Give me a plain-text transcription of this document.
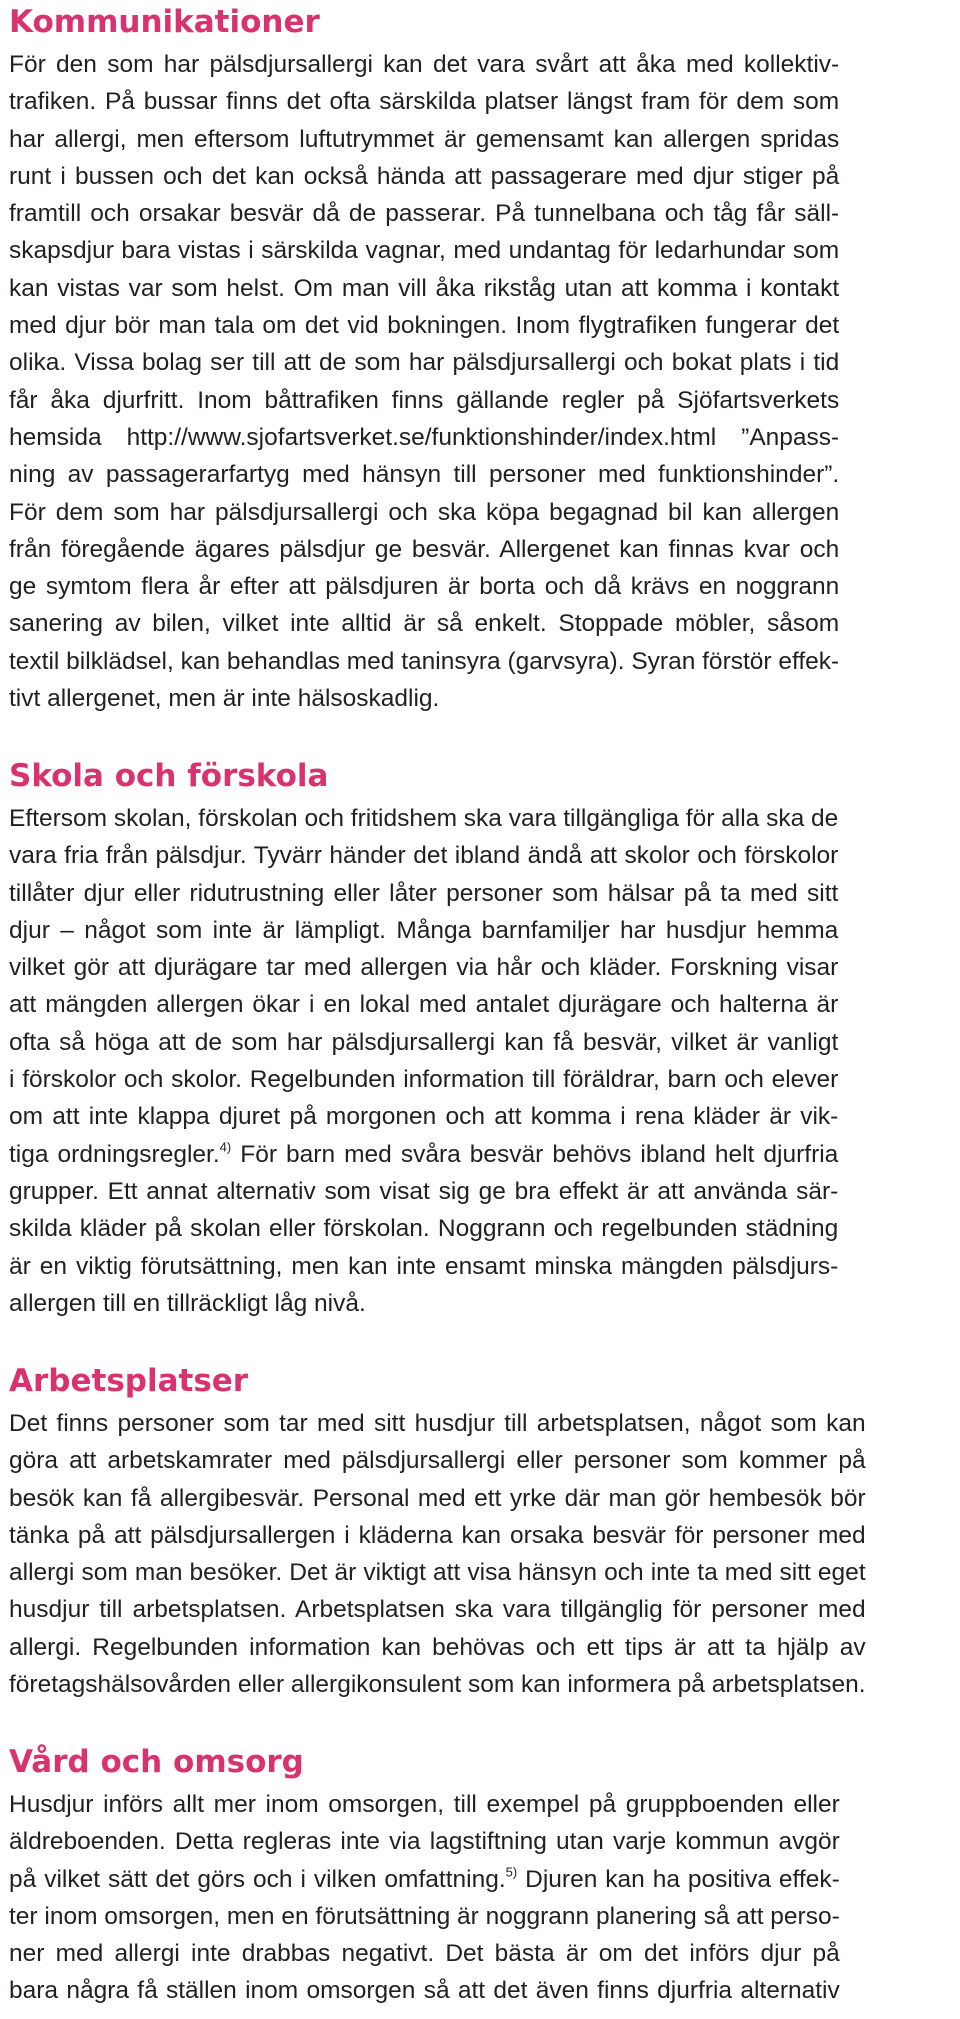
Kommunikationer
För den som har pälsdjursallergi kan det vara svårt att åka med kollektiv-
trafiken. På bussar finns det ofta särskilda platser längst fram för dem som
har allergi, men eftersom luftutrymmet är gemensamt kan allergen spridas
runt i bussen och det kan också hända att passagerare med djur stiger på
framtill och orsakar besvär då de passerar. På tunnelbana och tåg får säll-
skapsdjur bara vistas i särskilda vagnar, med undantag för ledarhundar som
kan vistas var som helst. Om man vill åka rikståg utan att komma i kontakt
med djur bör man tala om det vid bokningen. Inom flygtrafiken fungerar det
olika. Vissa bolag ser till att de som har pälsdjursallergi och bokat plats i tid
får åka djurfritt. Inom båttrafiken finns gällande regler på Sjöfartsverkets
hemsida http://www.sjofartsverket.se/funktionshinder/index.html ”Anpass-
ning av passagerarfartyg med hänsyn till personer med funktionshinder”.
För dem som har pälsdjursallergi och ska köpa begagnad bil kan allergen
från föregående ägares pälsdjur ge besvär. Allergenet kan finnas kvar och
ge symtom flera år efter att pälsdjuren är borta och då krävs en noggrann
sanering av bilen, vilket inte alltid är så enkelt. Stoppade möbler, såsom
textil bilklädsel, kan behandlas med taninsyra (garvsyra). Syran förstör effek-
tivt allergenet, men är inte hälsoskadlig.
Skola och förskola
Eftersom skolan, förskolan och fritidshem ska vara tillgängliga för alla ska de
vara fria från pälsdjur. Tyvärr händer det ibland ändå att skolor och förskolor
tillåter djur eller ridutrustning eller låter personer som hälsar på ta med sitt
djur – något som inte är lämpligt. Många barnfamiljer har husdjur hemma
vilket gör att djurägare tar med allergen via hår och kläder. Forskning visar
att mängden allergen ökar i en lokal med antalet djurägare och halterna är
ofta så höga att de som har pälsdjursallergi kan få besvär, vilket är vanligt
i förskolor och skolor. Regelbunden information till föräldrar, barn och elever
om att inte klappa djuret på morgonen och att komma i rena kläder är vik-
tiga ordningsregler.$^{4)}$ För barn med svåra besvär behövs ibland helt djurfria
grupper. Ett annat alternativ som visat sig ge bra effekt är att använda sär-
skilda kläder på skolan eller förskolan. Noggrann och regelbunden städning
är en viktig förutsättning, men kan inte ensamt minska mängden pälsdjurs-
allergen till en tillräckligt låg nivå.
Arbetsplatser
Det finns personer som tar med sitt husdjur till arbetsplatsen, något som kan
göra att arbetskamrater med pälsdjursallergi eller personer som kommer på
besök kan få allergibesvär. Personal med ett yrke där man gör hembesök bör
tänka på att pälsdjursallergen i kläderna kan orsaka besvär för personer med
allergi som man besöker. Det är viktigt att visa hänsyn och inte ta med sitt eget
husdjur till arbetsplatsen. Arbetsplatsen ska vara tillgänglig för personer med
allergi. Regelbunden information kan behövas och ett tips är att ta hjälp av
företagshälsovården eller allergikonsulent som kan informera på arbetsplatsen.
Vård och omsorg
Husdjur införs allt mer inom omsorgen, till exempel på gruppboenden eller
äldreboenden. Detta regleras inte via lagstiftning utan varje kommun avgör
på vilket sätt det görs och i vilken omfattning.$^{5)}$ Djuren kan ha positiva effek-
ter inom omsorgen, men en förutsättning är noggrann planering så att perso-
ner med allergi inte drabbas negativt. Det bästa är om det införs djur på
bara några få ställen inom omsorgen så att det även finns djurfria alternativ
